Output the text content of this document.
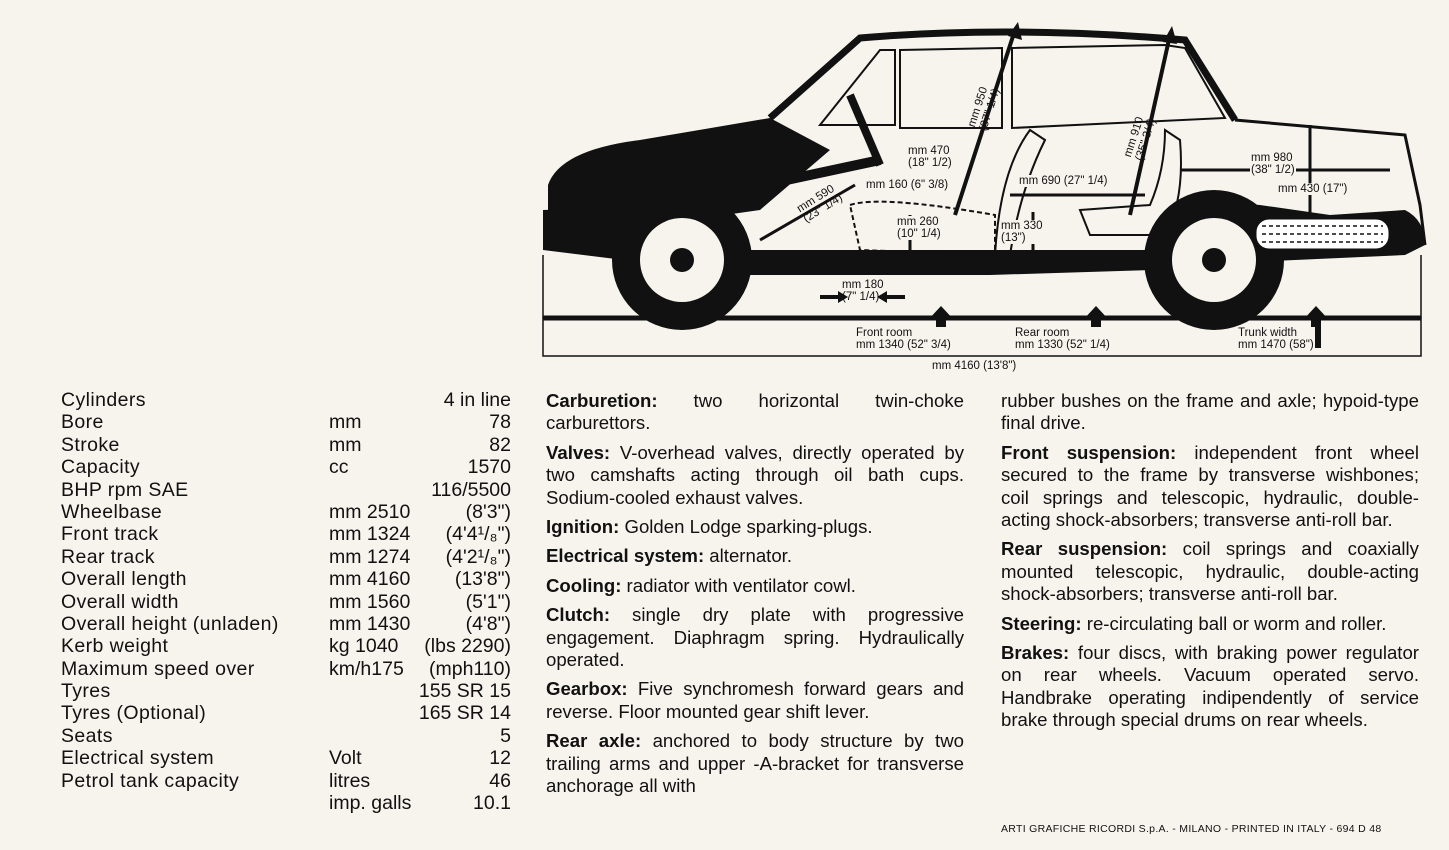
mm 950
(37" 1/4)
mm 910
(35" 3/4)
mm 590
(23" 1/4)
mm 470
(18" 1/2)
mm 160 (6" 3/8)
mm 260
(10" 1/4)
mm 690 (27" 1/4)
mm 330
(13")
mm 980
(38" 1/2)
mm 430 (17")
mm 180
(7" 1/4)
Front room
mm 1340 (52" 3/4)
Rear room
mm 1330 (52" 1/4)
Trunk width
mm 1470 (58")
mm 4160 (13'8")
Cylinders	4 in line
Bore	mm	78
Stroke	mm	82
Capacity	cc	1570
BHP rpm SAE	116/5500
Wheelbase	mm 2510	(8'3")
Front track	mm 1324	(4'4¹/₈")
Rear track	mm 1274	(4'2¹/₈")
Overall length	mm 4160	(13'8")
Overall width	mm 1560	(5'1")
Overall height (unladen)	mm 1430	(4'8")
Kerb weight	kg 1040	(lbs 2290)
Maximum speed over	km/h175	(mph110)
Tyres	155 SR 15
Tyres (Optional)	165 SR 14
Seats	5
Electrical system	Volt	12
Petrol tank capacity	litres	46
imp. galls	10.1

Carburetion: two horizontal twin-choke carburettors.

Valves: V-overhead valves, directly operated by two camshafts acting through oil bath cups. Sodium-cooled exhaust valves.

Ignition: Golden Lodge sparking-plugs.

Electrical system: alternator.

Cooling: radiator with ventilator cowl.

Clutch: single dry plate with progressive engagement. Diaphragm spring. Hydraulically operated.

Gearbox: Five synchromesh forward gears and reverse. Floor mounted gear shift lever.

Rear axle: anchored to body structure by two trailing arms and upper -A-bracket for transverse anchorage all with

rubber bushes on the frame and axle; hypoid-type final drive.

Front suspension: independent front wheel secured to the frame by transverse wishbones; coil springs and telescopic, hydraulic, double-acting shock-absorbers; transverse anti-roll bar.

Rear suspension: coil springs and coaxially mounted telescopic, hydraulic, double-acting shock-absorbers; transverse anti-roll bar.

Steering: re-circulating ball or worm and roller.

Brakes: four discs, with braking power regulator on rear wheels. Vacuum operated servo. Handbrake operating indipendently of service brake through special drums on rear wheels.

ARTI GRAFICHE RICORDI S.p.A. - MILANO - PRINTED IN ITALY - 694 D 48
